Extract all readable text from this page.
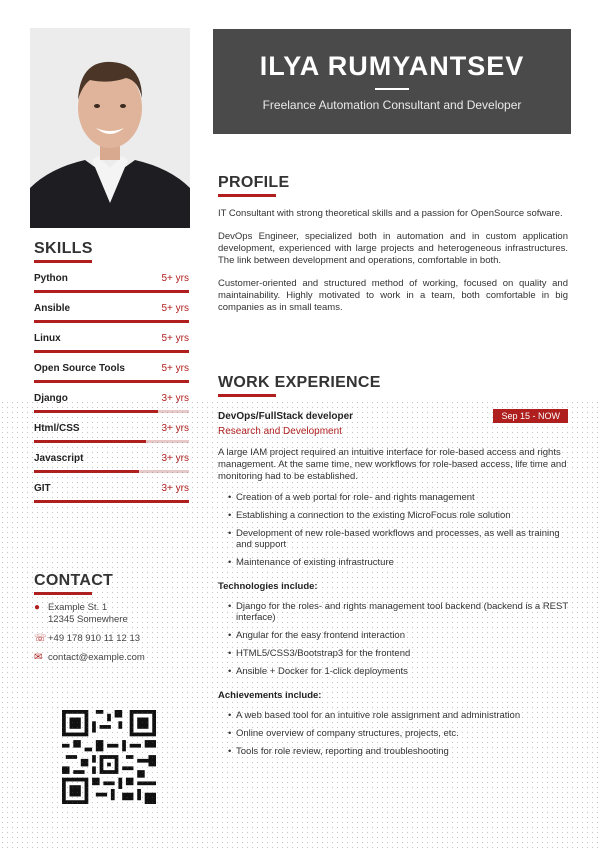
ILYA RUMYANTSEV
Freelance Automation Consultant and Developer
SKILLS
Python	5+ yrs
Ansible	5+ yrs
Linux	5+ yrs
Open Source Tools	5+ yrs
Django	3+ yrs
Html/CSS	3+ yrs
Javascript	3+ yrs
GIT	3+ yrs
CONTACT
● Example St. 1
12345 Somewhere
☏ +49 178 910 11 12 13
✉ contact@example.com
PROFILE

IT Consultant with strong theoretical skills and a passion for OpenSource sofware.

DevOps Engineer, specialized both in automation and in custom application development, experienced with large projects and heterogeneous infrastructures. The link between development and operations, comfortable in both.

Customer-oriented and structured method of working, focused on quality and maintainability. Highly motivated to work in a team, both comfortable in big companies as in small teams.

WORK EXPERIENCE
DevOps/FullStack developer	Sep 15 - NOW
Research and Development
A large IAM project required an intuitive interface for role-based access and rights management. At the same time, new workflows for role-based access, life time and monitoring had to be established.
• Creation of a web portal for role- and rights management
• Establishing a connection to the existing MicroFocus role solution
• Development of new role-based workflows and processes, as well as training and support
• Maintenance of existing infrastructure
Technologies include:
• Django for the roles- and rights management tool backend (backend is a REST interface)
• Angular for the easy frontend interaction
• HTML5/CSS3/Bootstrap3 for the frontend
• Ansible + Docker for 1-click deployments
Achievements include:
• A web based tool for an intuitive role assignment and administration
• Online overview of company structures, projects, etc.
• Tools for role review, reporting and troubleshooting
